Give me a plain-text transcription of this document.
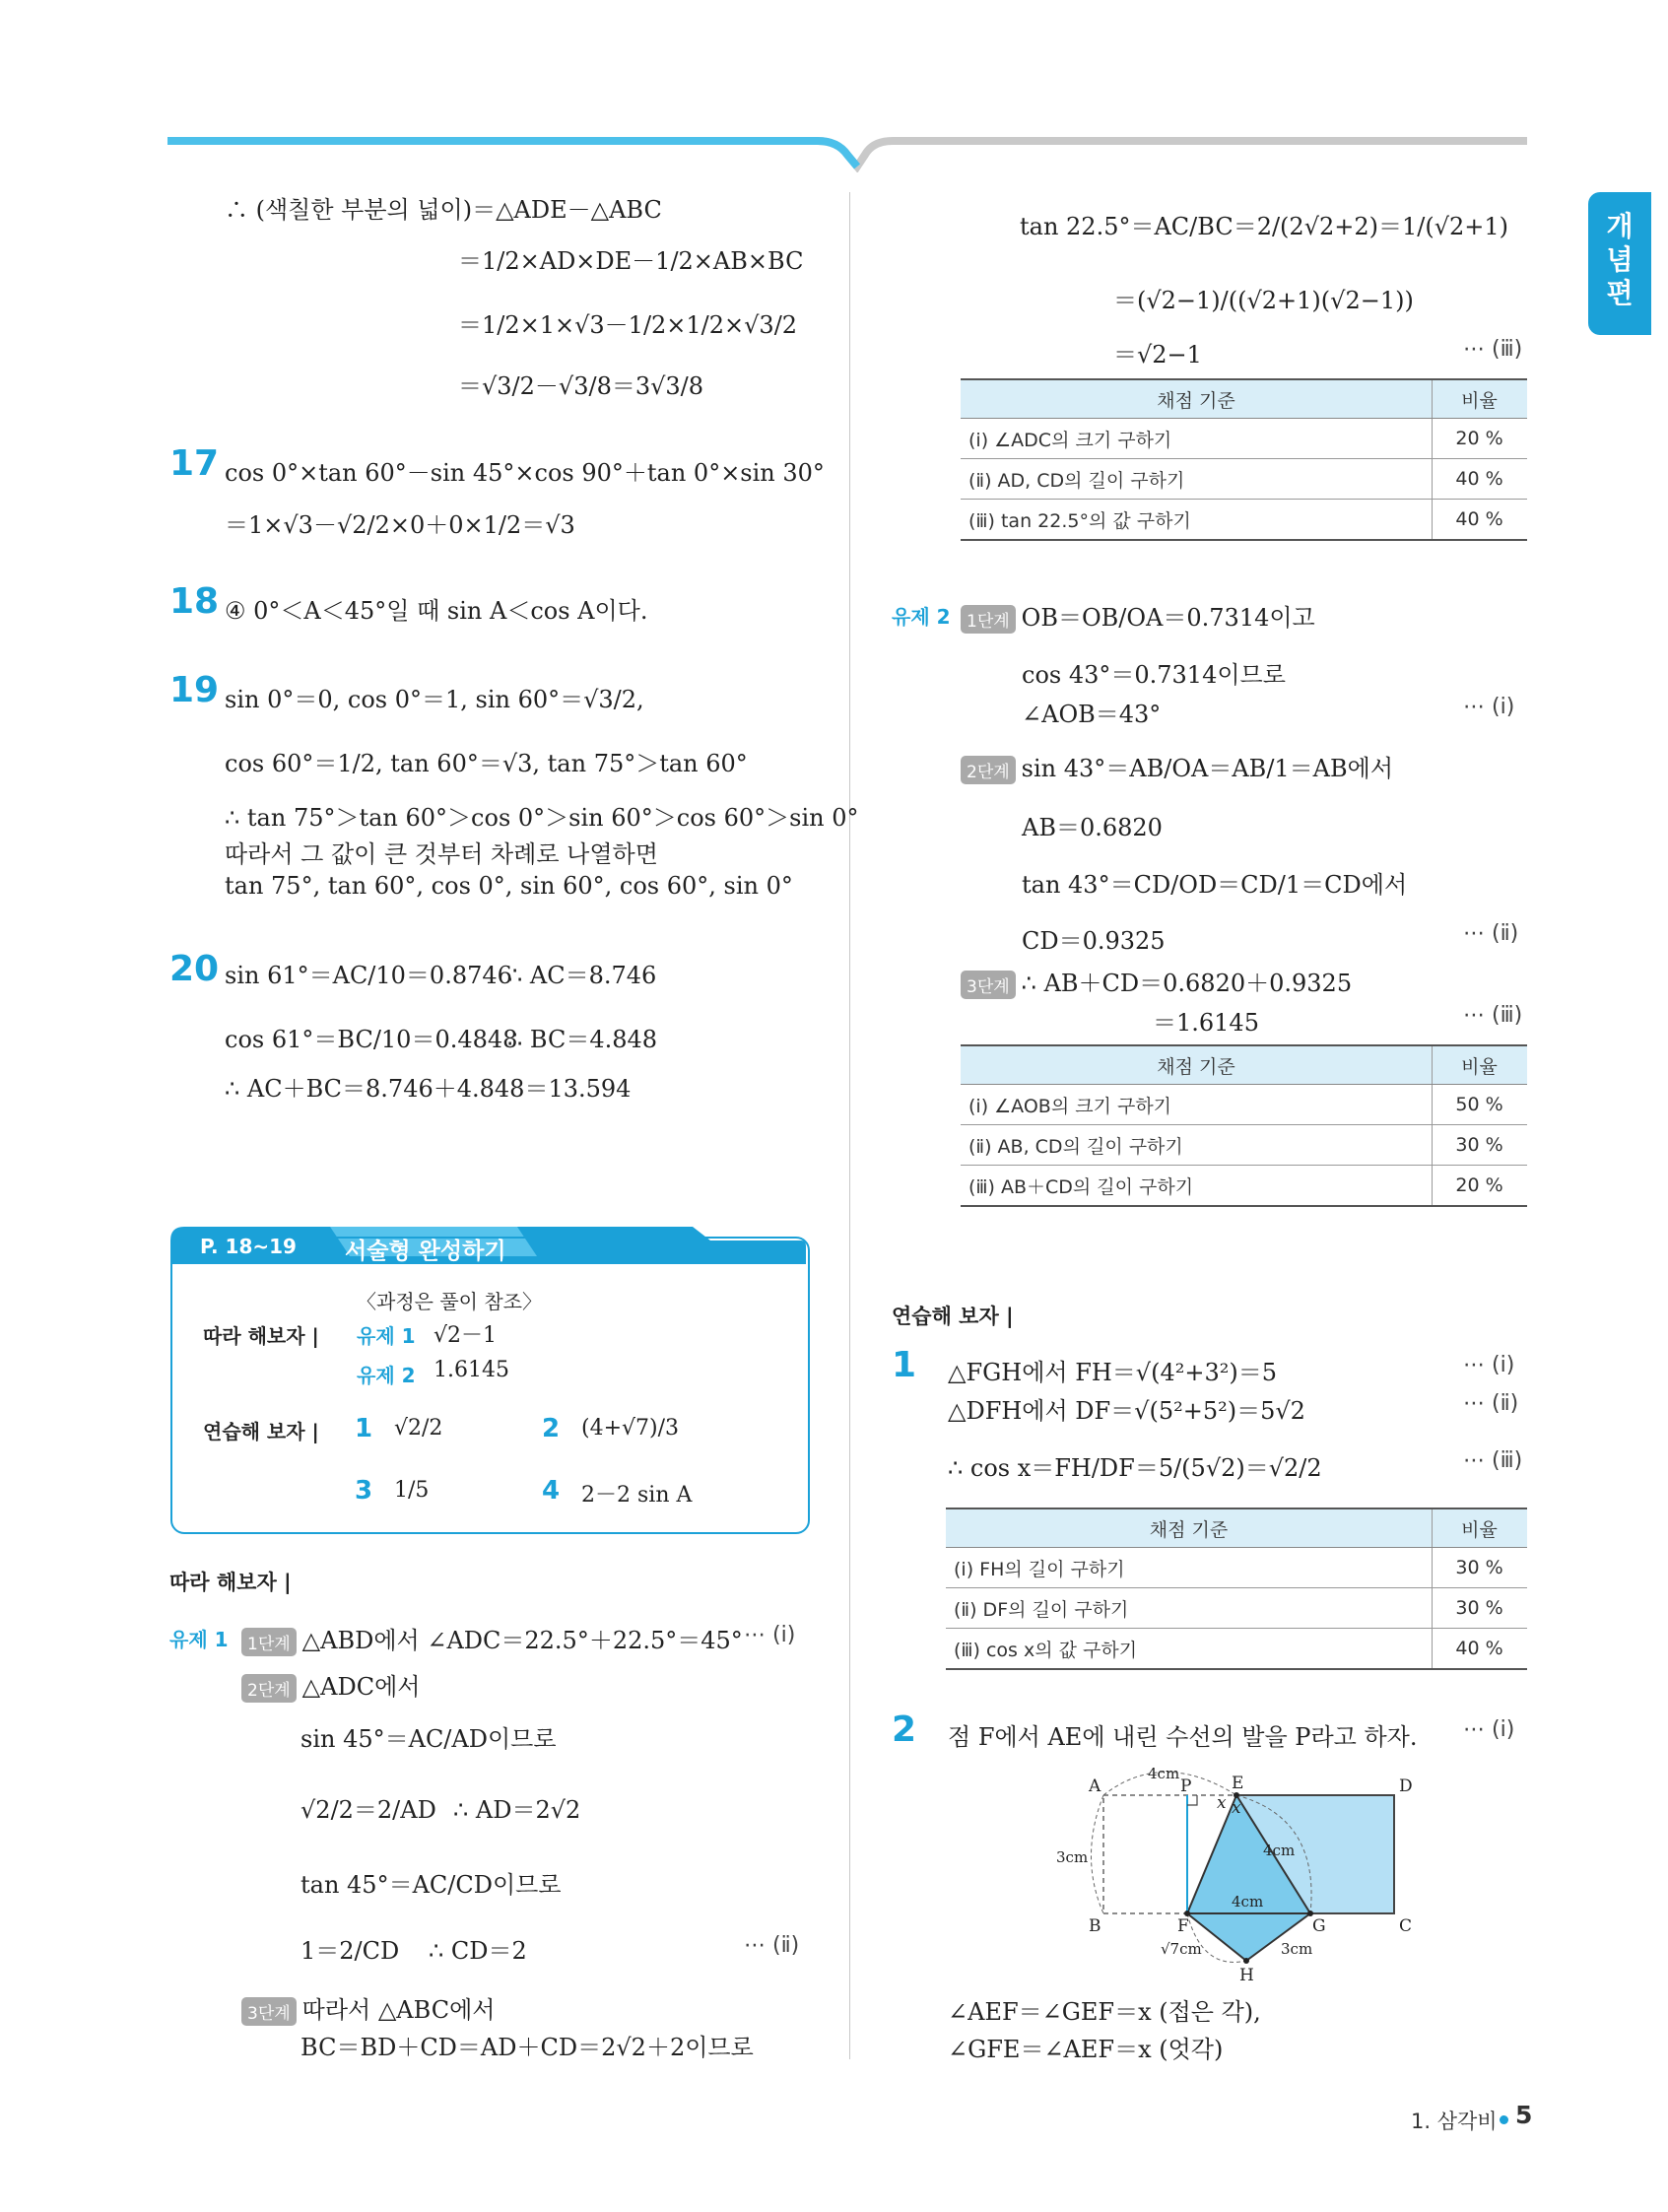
개
념
편
∴ (색칠한 부분의 넓이)＝△ADE－△ABC
＝1/2×AD×DE－1/2×AB×BC
＝1/2×1×√3－1/2×1/2×√3/2
＝√3/2－√3/8＝3√3/8
17 cos 0°×tan 60°－sin 45°×cos 90°＋tan 0°×sin 30°
＝1×√3－√2/2×0＋0×1/2＝√3
18 ④ 0°＜A＜45°일 때 sin A＜cos A이다.
19 sin 0°＝0, cos 0°＝1, sin 60°＝√3/2,
cos 60°＝1/2, tan 60°＝√3, tan 75°＞tan 60°
∴ tan 75°＞tan 60°＞cos 0°＞sin 60°＞cos 60°＞sin 0°
따라서 그 값이 큰 것부터 차례로 나열하면
tan 75°, tan 60°, cos 0°, sin 60°, cos 60°, sin 0°
20 sin 61°＝AC/10＝0.8746
∴ AC＝8.746
cos 61°＝BC/10＝0.4848
∴ BC＝4.848
∴ AC＋BC＝8.746＋4.848＝13.594
P. 18~19 서술형 완성하기
〈과정은 풀이 참조〉
따라 해보자 | 유제 1 √2－1
유제 2 1.6145
연습해 보자 | 1 √2/2	2 (4+√7)/3
3 1/5	4 2－2 sin A
따라 해보자 |
유제 1	1단계 △ABD에서 ∠ADC＝22.5°＋22.5°＝45° ⋯ (ⅰ)
2단계 △ADC에서
sin 45°＝AC/AD이므로
√2/2＝2/AD ∴ AD＝2√2
tan 45°＝AC/CD이므로
1＝2/CD ∴ CD＝2	⋯ (ⅱ)
3단계 따라서 △ABC에서
BC＝BD＋CD＝AD＋CD＝2√2＋2이므로
tan 22.5°＝AC/BC＝2/(2√2+2)＝1/(√2+1)
＝(√2−1)/((√2+1)(√2−1))
＝√2−1	⋯ (ⅲ)
채점 기준	비율
(ⅰ) ∠ADC의 크기 구하기	20 %
(ⅱ) AD, CD의 길이 구하기	40 %
(ⅲ) tan 22.5°의 값 구하기	40 %
유제 2 1단계 OB＝OB/OA＝0.7314이고
cos 43°＝0.7314이므로
∠AOB＝43°	⋯ (ⅰ)
2단계 sin 43°＝AB/OA＝AB/1＝AB에서
AB＝0.6820
tan 43°＝CD/OD＝CD/1＝CD에서
CD＝0.9325	⋯ (ⅱ)
3단계 ∴ AB＋CD＝0.6820＋0.9325
＝1.6145	⋯ (ⅲ)
채점 기준	비율
(ⅰ) ∠AOB의 크기 구하기	50 %
(ⅱ) AB, CD의 길이 구하기	30 %
(ⅲ) AB＋CD의 길이 구하기	20 %
연습해 보자 |
1 △FGH에서 FH＝√(4²+3²)＝5	⋯ (ⅰ)
△DFH에서 DF＝√(5²+5²)＝5√2	⋯ (ⅱ)
∴ cos x＝FH/DF＝5/(5√2)＝√2/2	⋯ (ⅲ)
채점 기준	비율
(ⅰ) FH의 길이 구하기	30 %
(ⅱ) DF의 길이 구하기	30 %
(ⅲ) cos x의 값 구하기	40 %
2 점 F에서 AE에 내린 수선의 발을 P라고 하자. ⋯ (ⅰ)
A	P E	D
B	F	G	C
H
x x
4cm
3cm	4cm
4cm
√7cm	3cm
∠AEF＝∠GEF＝x (접은 각),
∠GFE＝∠AEF＝x (엇각)
1. 삼각비 5
